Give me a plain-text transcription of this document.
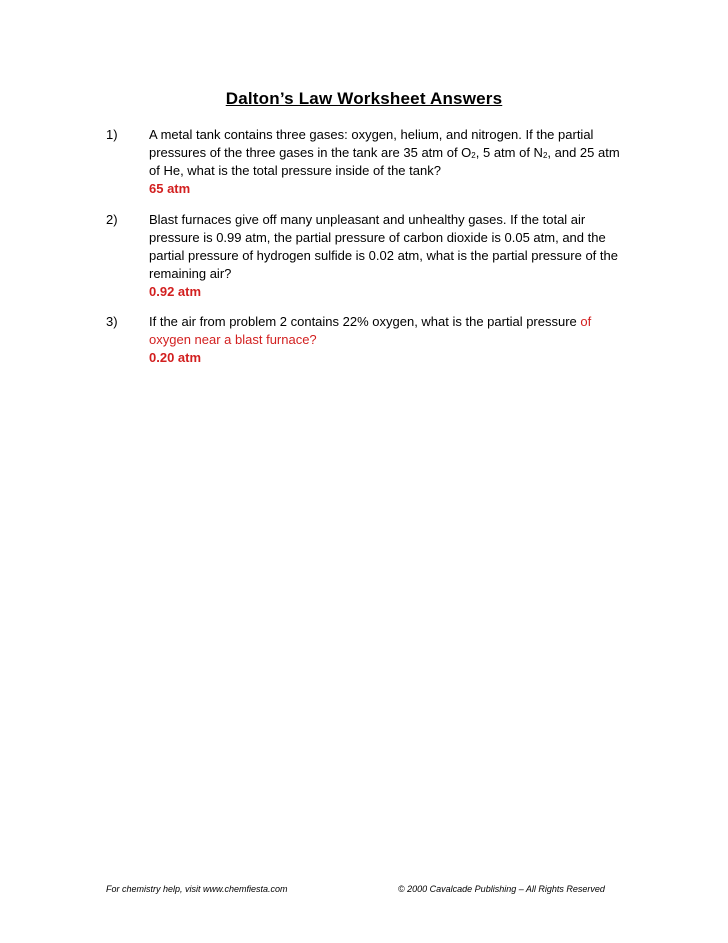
Dalton’s Law Worksheet Answers
1) A metal tank contains three gases: oxygen, helium, and nitrogen. If the partial pressures of the three gases in the tank are 35 atm of $O_2$, 5 atm of $N_2$, and 25 atm of He, what is the total pressure inside of the tank?
65 atm
2) Blast furnaces give off many unpleasant and unhealthy gases. If the total air pressure is 0.99 atm, the partial pressure of carbon dioxide is 0.05 atm, and the partial pressure of hydrogen sulfide is 0.02 atm, what is the partial pressure of the remaining air?
0.92 atm
3) If the air from problem 2 contains 22% oxygen, what is the partial pressure of oxygen near a blast furnace?
0.20 atm
For chemistry help, visit www.chemfiesta.com	© 2000 Cavalcade Publishing – All Rights Reserved
